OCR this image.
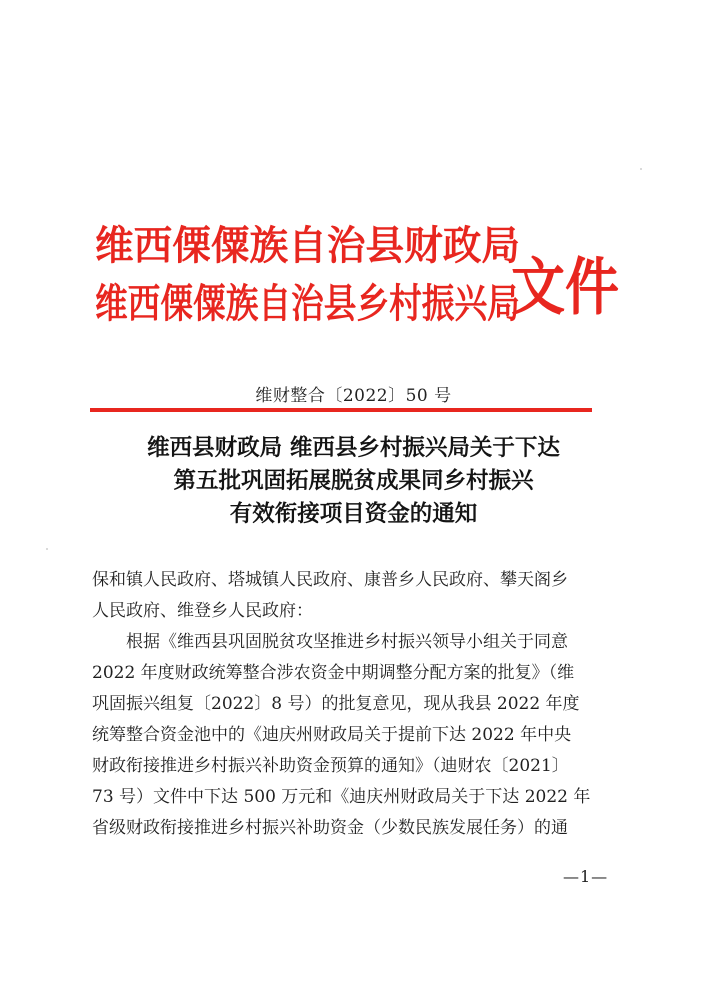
维西傈僳族自治县财政局
维西傈僳族自治县乡村振兴局
文件
维财整合〔2022〕50 号
维西县财政局 维西县乡村振兴局关于下达
第五批巩固拓展脱贫成果同乡村振兴
有效衔接项目资金的通知
保和镇人民政府、塔城镇人民政府、康普乡人民政府、攀天阁乡
人民政府、维登乡人民政府：
根据《维西县巩固脱贫攻坚推进乡村振兴领导小组关于同意
2022 年度财政统筹整合涉农资金中期调整分配方案的批复》（维
巩固振兴组复〔2022〕8 号）的批复意见，现从我县 2022 年度
统筹整合资金池中的《迪庆州财政局关于提前下达 2022 年中央
财政衔接推进乡村振兴补助资金预算的通知》（迪财农〔2021〕
73 号）文件中下达 500 万元和《迪庆州财政局关于下达 2022 年
省级财政衔接推进乡村振兴补助资金（少数民族发展任务）的通
—1—
